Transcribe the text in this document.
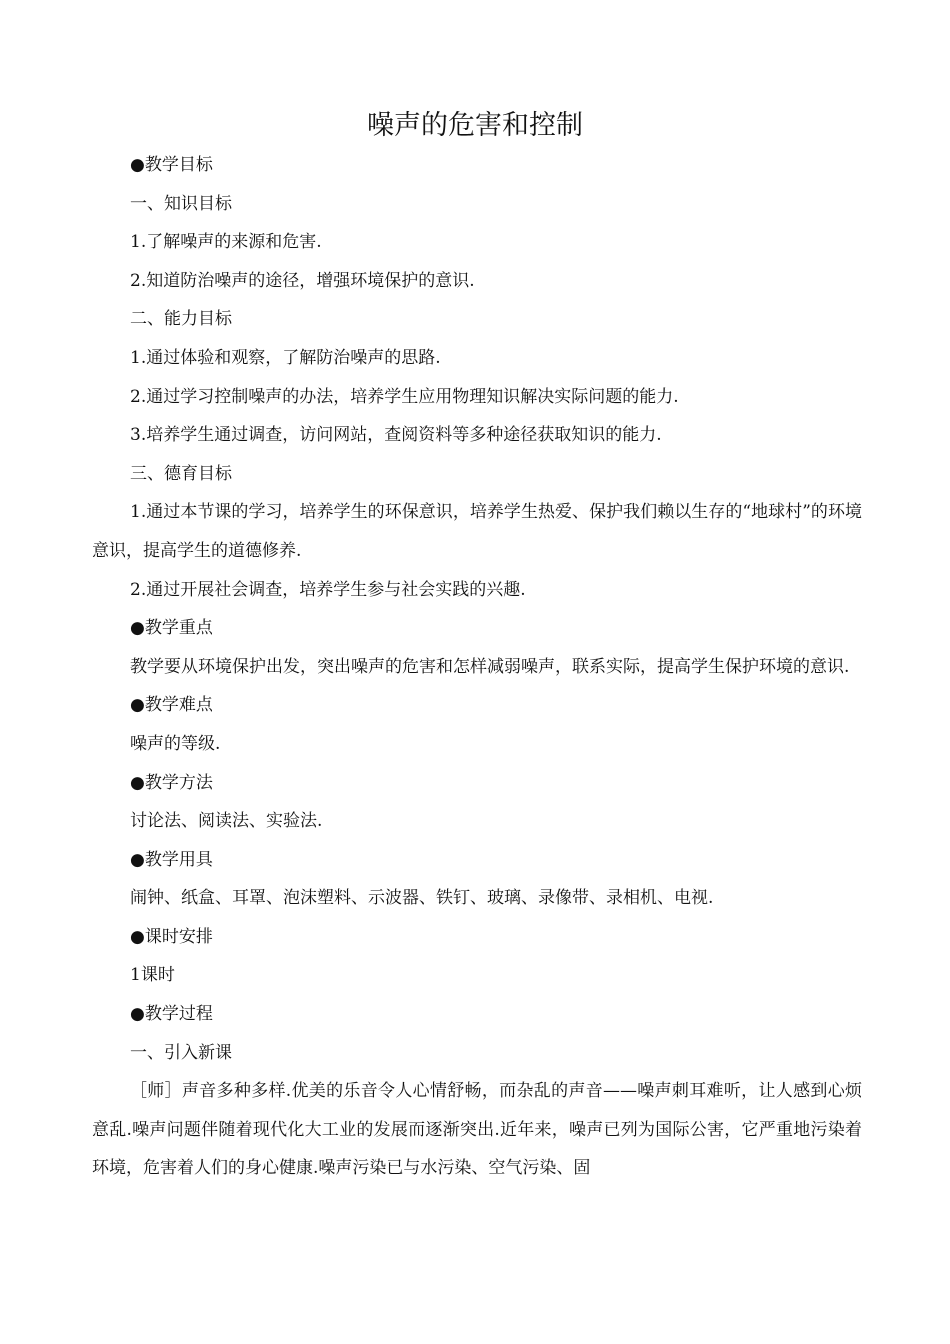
噪声的危害和控制

●教学目标

一、知识目标

1.了解噪声的来源和危害.

2.知道防治噪声的途径，增强环境保护的意识.

二、能力目标

1.通过体验和观察，了解防治噪声的思路.

2.通过学习控制噪声的办法，培养学生应用物理知识解决实际问题的能力.

3.培养学生通过调查，访问网站，查阅资料等多种途径获取知识的能力.

三、德育目标

1.通过本节课的学习，培养学生的环保意识，培养学生热爱、保护我们赖以生存的“地球村”的环境意识，提高学生的道德修养.

2.通过开展社会调查，培养学生参与社会实践的兴趣.

●教学重点

教学要从环境保护出发，突出噪声的危害和怎样减弱噪声，联系实际，提高学生保护环境的意识.

●教学难点

噪声的等级.

●教学方法

讨论法、阅读法、实验法.

●教学用具

闹钟、纸盒、耳罩、泡沫塑料、示波器、铁钉、玻璃、录像带、录相机、电视.

●课时安排

1课时

●教学过程

一、引入新课

［师］声音多种多样.优美的乐音令人心情舒畅，而杂乱的声音——噪声刺耳难听，让人感到心烦意乱.噪声问题伴随着现代化大工业的发展而逐渐突出.近年来，噪声已列为国际公害，它严重地污染着环境，危害着人们的身心健康.噪声污染已与水污染、空气污染、固
